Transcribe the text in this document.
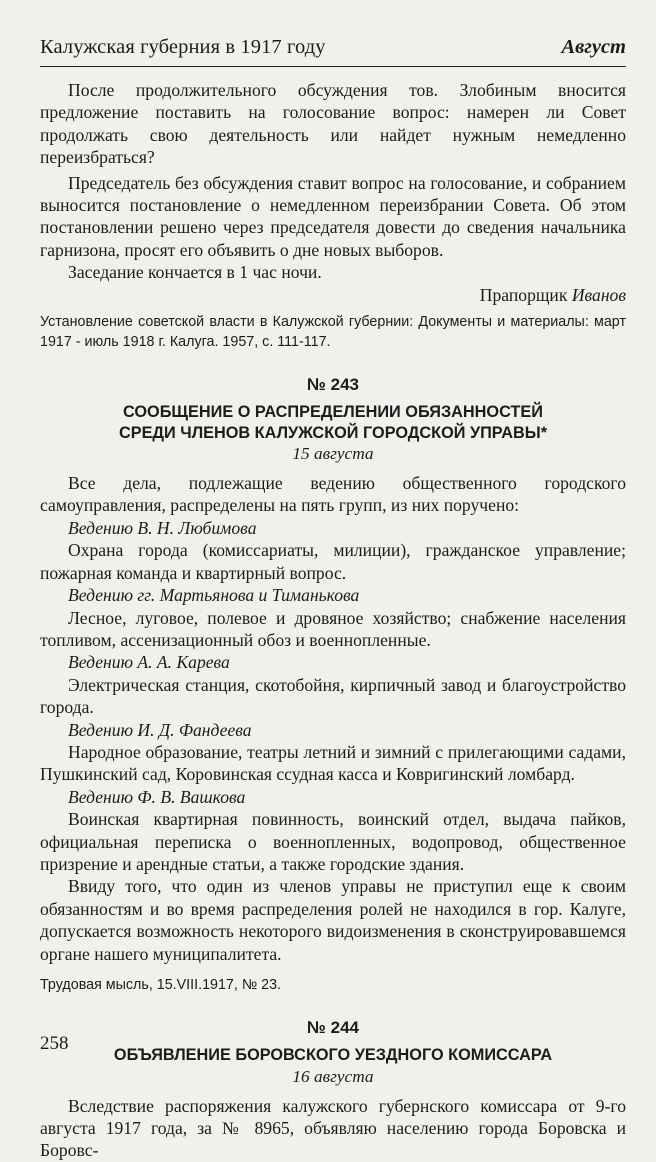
Калужская губерния в 1917 году	Август

После продолжительного обсуждения тов. Злобиным вносится предложение поставить на голосование вопрос: намерен ли Совет продолжать свою деятельность или найдет нужным немедленно переизбраться?

Председатель без обсуждения ставит вопрос на голосование, и собранием выносится постановление о немедленном переизбрании Совета. Об этом постановлении решено через председателя довести до сведения начальника гарнизона, просят его объявить о дне новых выборов.

Заседание кончается в 1 час ночи.

Прапорщик Иванов

Установление советской власти в Калужской губернии: Документы и материалы: март 1917 - июль 1918 г. Калуга. 1957, с. 111-117.
№ 243
СООБЩЕНИЕ О РАСПРЕДЕЛЕНИИ ОБЯЗАННОСТЕЙ
СРЕДИ ЧЛЕНОВ КАЛУЖСКОЙ ГОРОДСКОЙ УПРАВЫ*
15 августа

Все дела, подлежащие ведению общественного городского самоуправления, распределены на пять групп, из них поручено:

Ведению В. Н. Любимова

Охрана города (комиссариаты, милиции), гражданское управление; пожарная команда и квартирный вопрос.

Ведению гг. Мартьянова и Тиманькова

Лесное, луговое, полевое и дровяное хозяйство; снабжение населения топливом, ассенизационный обоз и военнопленные.

Ведению А. А. Карева

Электрическая станция, скотобойня, кирпичный завод и благоустройство города.

Ведению И. Д. Фандеева

Народное образование, театры летний и зимний с прилегающими садами, Пушкинский сад, Коровинская ссудная касса и Ковригинский ломбард.

Ведению Ф. В. Вашкова

Воинская квартирная повинность, воинский отдел, выдача пайков, официальная переписка о военнопленных, водопровод, общественное призрение и арендные статьи, а также городские здания.

Ввиду того, что один из членов управы не приступил еще к своим обязанностям и во время распределения ролей не находился в гор. Калуге, допускается возможность некоторого видоизменения в сконструировавшемся органе нашего муниципалитета.

Трудовая мысль, 15.VIII.1917, № 23.
№ 244
ОБЪЯВЛЕНИЕ БОРОВСКОГО УЕЗДНОГО КОМИССАРА
16 августа

Вследствие распоряжения калужского губернского комиссара от 9-го августа 1917 года, за № 8965, объявляю населению города Боровска и Боровс-

258
